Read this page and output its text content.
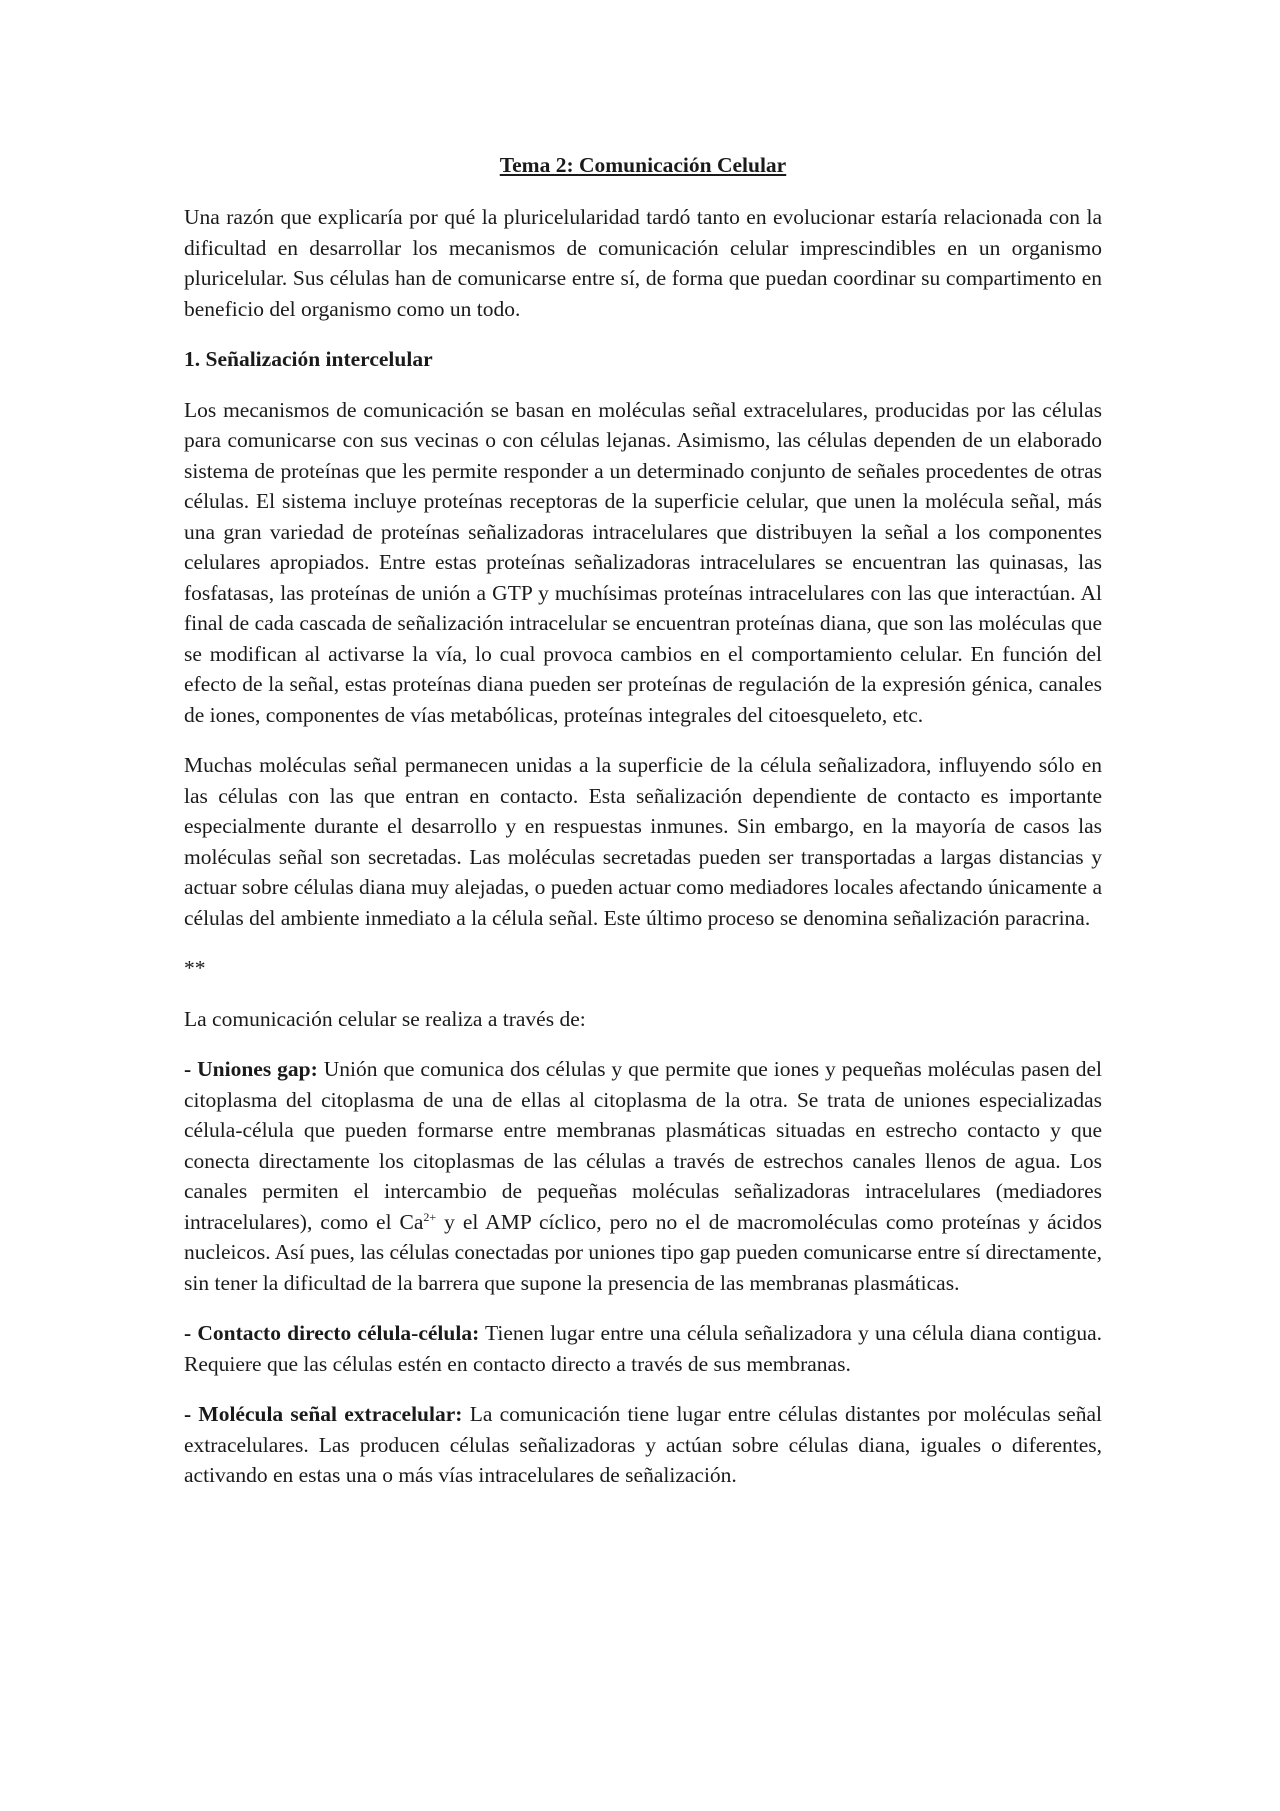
Tema 2: Comunicación Celular

Una razón que explicaría por qué la pluricelularidad tardó tanto en evolucionar estaría relacionada con la dificultad en desarrollar los mecanismos de comunicación celular imprescindibles en un organismo pluricelular. Sus células han de comunicarse entre sí, de forma que puedan coordinar su compartimento en beneficio del organismo como un todo.

1. Señalización intercelular

Los mecanismos de comunicación se basan en moléculas señal extracelulares, producidas por las células para comunicarse con sus vecinas o con células lejanas. Asimismo, las células dependen de un elaborado sistema de proteínas que les permite responder a un determinado conjunto de señales procedentes de otras células. El sistema incluye proteínas receptoras de la superficie celular, que unen la molécula señal, más una gran variedad de proteínas señalizadoras intracelulares que distribuyen la señal a los componentes celulares apropiados. Entre estas proteínas señalizadoras intracelulares se encuentran las quinasas, las fosfatasas, las proteínas de unión a GTP y muchísimas proteínas intracelulares con las que interactúan. Al final de cada cascada de señalización intracelular se encuentran proteínas diana, que son las moléculas que se modifican al activarse la vía, lo cual provoca cambios en el comportamiento celular. En función del efecto de la señal, estas proteínas diana pueden ser proteínas de regulación de la expresión génica, canales de iones, componentes de vías metabólicas, proteínas integrales del citoesqueleto, etc.

Muchas moléculas señal permanecen unidas a la superficie de la célula señalizadora, influyendo sólo en las células con las que entran en contacto. Esta señalización dependiente de contacto es importante especialmente durante el desarrollo y en respuestas inmunes. Sin embargo, en la mayoría de casos las moléculas señal son secretadas. Las moléculas secretadas pueden ser transportadas a largas distancias y actuar sobre células diana muy alejadas, o pueden actuar como mediadores locales afectando únicamente a células del ambiente inmediato a la célula señal. Este último proceso se denomina señalización paracrina.

**

La comunicación celular se realiza a través de:

- Uniones gap: Unión que comunica dos células y que permite que iones y pequeñas moléculas pasen del citoplasma del citoplasma de una de ellas al citoplasma de la otra. Se trata de uniones especializadas célula-célula que pueden formarse entre membranas plasmáticas situadas en estrecho contacto y que conecta directamente los citoplasmas de las células a través de estrechos canales llenos de agua. Los canales permiten el intercambio de pequeñas moléculas señalizadoras intracelulares (mediadores intracelulares), como el $Ca^{2+}$ y el AMP cíclico, pero no el de macromoléculas como proteínas y ácidos nucleicos. Así pues, las células conectadas por uniones tipo gap pueden comunicarse entre sí directamente, sin tener la dificultad de la barrera que supone la presencia de las membranas plasmáticas.

- Contacto directo célula-célula: Tienen lugar entre una célula señalizadora y una célula diana contigua. Requiere que las células estén en contacto directo a través de sus membranas.

- Molécula señal extracelular: La comunicación tiene lugar entre células distantes por moléculas señal extracelulares. Las producen células señalizadoras y actúan sobre células diana, iguales o diferentes, activando en estas una o más vías intracelulares de señalización.
